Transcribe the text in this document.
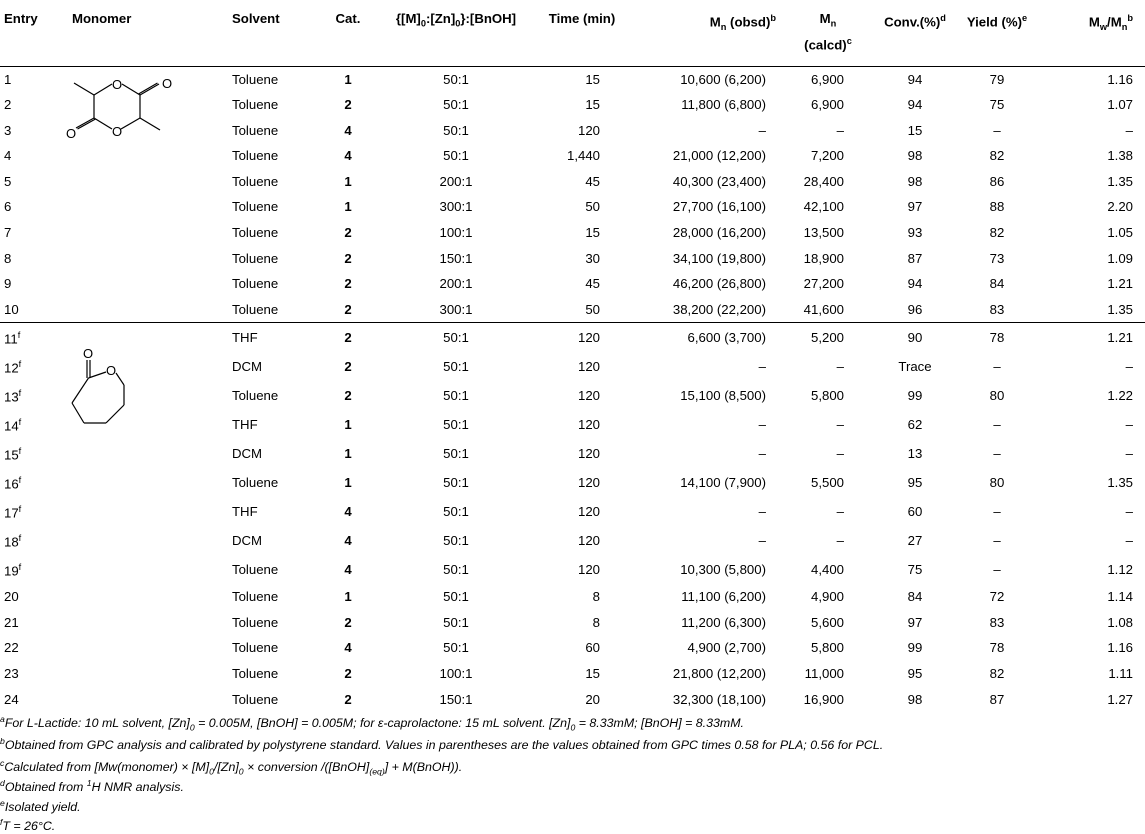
Entry	Monomer	Solvent	Cat.	$\{[M]_0:[Zn]_0\}:[BnOH]$	Time (min)	$M_n$ (obsd)$^b$	$M_n$
(calcd)$^c$	Conv.(%)$^d$	Yield (%)$^e$	$M_w/M_n^b$
1		Toluene	1	50:1	15	10,600 (6,200)	6,900	94	79	1.16
2		Toluene	2	50:1	15	11,800 (6,800)	6,900	94	75	1.07
3		Toluene	4	50:1	120	–	–	15	–	–
4		Toluene	4	50:1	1,440	21,000 (12,200)	7,200	98	82	1.38
5		Toluene	1	200:1	45	40,300 (23,400)	28,400	98	86	1.35
6		Toluene	1	300:1	50	27,700 (16,100)	42,100	97	88	2.20
7		Toluene	2	100:1	15	28,000 (16,200)	13,500	93	82	1.05
8		Toluene	2	150:1	30	34,100 (19,800)	18,900	87	73	1.09
9		Toluene	2	200:1	45	46,200 (26,800)	27,200	94	84	1.21
10		Toluene	2	300:1	50	38,200 (22,200)	41,600	96	83	1.35
11$^f$		THF	2	50:1	120	6,600 (3,700)	5,200	90	78	1.21
12$^f$		DCM	2	50:1	120	–	–	Trace	–	–
13$^f$		Toluene	2	50:1	120	15,100 (8,500)	5,800	99	80	1.22
14$^f$		THF	1	50:1	120	–	–	62	–	–
15$^f$		DCM	1	50:1	120	–	–	13	–	–
16$^f$		Toluene	1	50:1	120	14,100 (7,900)	5,500	95	80	1.35
17$^f$		THF	4	50:1	120	–	–	60	–	–
18$^f$		DCM	4	50:1	120	–	–	27	–	–
19$^f$		Toluene	4	50:1	120	10,300 (5,800)	4,400	75	–	1.12
20		Toluene	1	50:1	8	11,100 (6,200)	4,900	84	72	1.14
21		Toluene	2	50:1	8	11,200 (6,300)	5,600	97	83	1.08
22		Toluene	4	50:1	60	4,900 (2,700)	5,800	99	78	1.16
23		Toluene	2	100:1	15	21,800 (12,200)	11,000	95	82	1.11
24		Toluene	2	150:1	20	32,300 (18,100)	16,900	98	87	1.27
O	O
O	O
O
O
$^a$For L-Lactide: 10 mL solvent, $[Zn]_0 = 0.005M$, [BnOH] = 0.005M; for ε-caprolactone: 15 mL solvent. $[Zn]_0 = 8.33mM$; [BnOH] = 8.33mM.
$^b$Obtained from GPC analysis and calibrated by polystyrene standard. Values in parentheses are the values obtained from GPC times 0.58 for PLA; 0.56 for PCL.
$^c$Calculated from [Mw(monomer) × $[M]_0/[Zn]_0$ × conversion $/([BnOH]_{(eq)}]$ + M(BnOH)).
$^d$Obtained from $^1$H NMR analysis.
$^e$Isolated yield.
$^f$T = 26°C.
